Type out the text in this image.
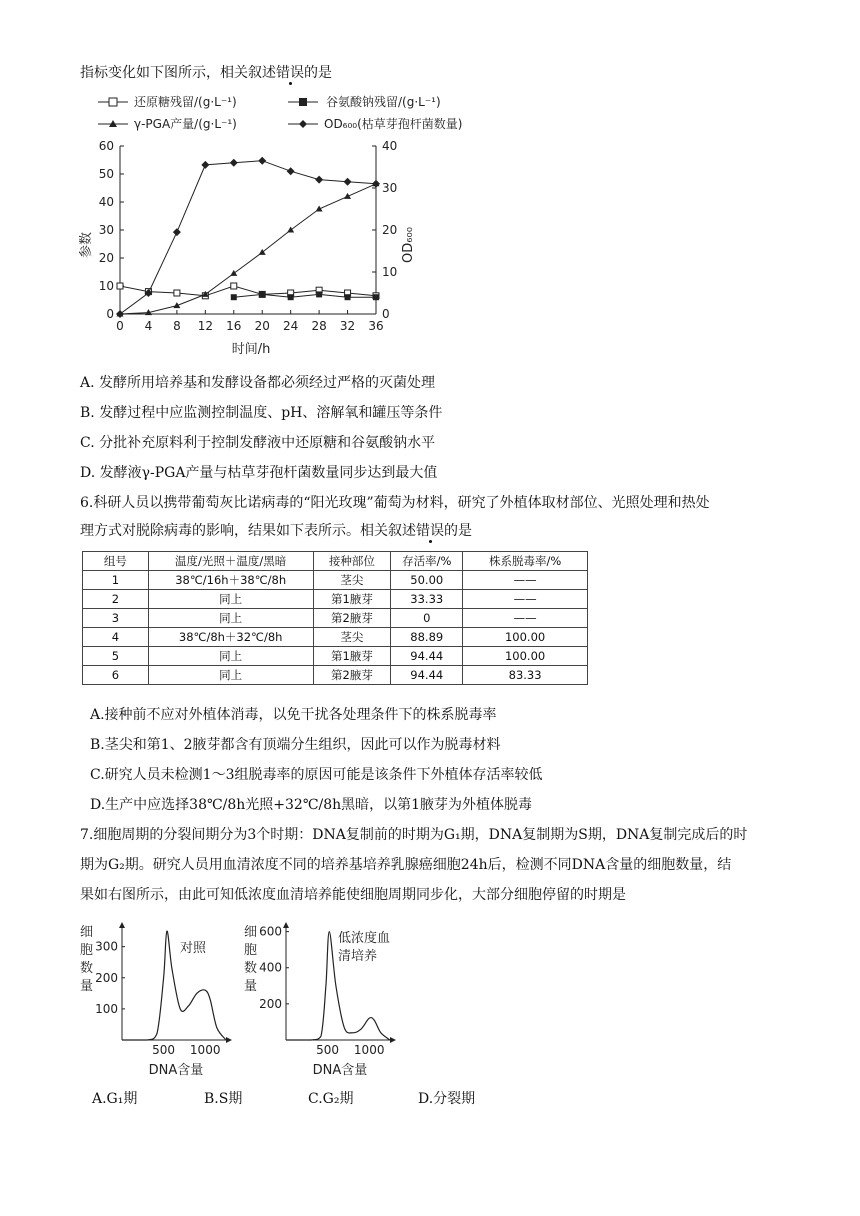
指标变化如下图所示，相关叙述错误的是
还原糖残留/(g·L⁻¹)	谷氨酸钠残留/(g·L⁻¹)
γ-PGA产量/(g·L⁻¹)	OD₆₀₀(枯草芽孢杆菌数量)
0
10
20
30
40
50
60
0
10
20
30
40
0 4 8 12 16 20 24 28 32 36
参数	OD₆₀₀
时间/h
A. 发酵所用培养基和发酵设备都必须经过严格的灭菌处理
B. 发酵过程中应监测控制温度、pH、溶解氧和罐压等条件
C. 分批补充原料利于控制发酵液中还原糖和谷氨酸钠水平
D. 发酵液γ-PGA产量与枯草芽孢杆菌数量同步达到最大值
6.科研人员以携带葡萄灰比诺病毒的“阳光玫瑰”葡萄为材料，研究了外植体取材部位、光照处理和热处
理方式对脱除病毒的影响，结果如下表所示。相关叙述错误的是
组号	温度/光照＋温度/黑暗	接种部位	存活率/%	株系脱毒率/%
1	38℃/16h＋38℃/8h	茎尖	50.00	——
2	同上	第1腋芽	33.33	——
3	同上	第2腋芽	0	——
4	38℃/8h＋32℃/8h	茎尖	88.89	100.00
5	同上	第1腋芽	94.44	100.00
6	同上	第2腋芽	94.44	83.33
A.接种前不应对外植体消毒，以免干扰各处理条件下的株系脱毒率
B.茎尖和第1、2腋芽都含有顶端分生组织，因此可以作为脱毒材料
C.研究人员未检测1～3组脱毒率的原因可能是该条件下外植体存活率较低
D.生产中应选择38℃/8h光照+32℃/8h黑暗，以第1腋芽为外植体脱毒
7.细胞周期的分裂间期分为3个时期：DNA复制前的时期为G₁期，DNA复制期为S期，DNA复制完成后的时
期为G₂期。研究人员用血清浓度不同的培养基培养乳腺癌细胞24h后，检测不同DNA含量的细胞数量，结
果如右图所示，由此可知低浓度血清培养能使细胞周期同步化，大部分细胞停留的时期是
细
胞
数
量
100
200
300
500 1000
对照
DNA含量
细
胞
数
量
200
400
600
500 1000
低浓度血
清培养
DNA含量
A.G₁期	B.S期	C.G₂期	D.分裂期
